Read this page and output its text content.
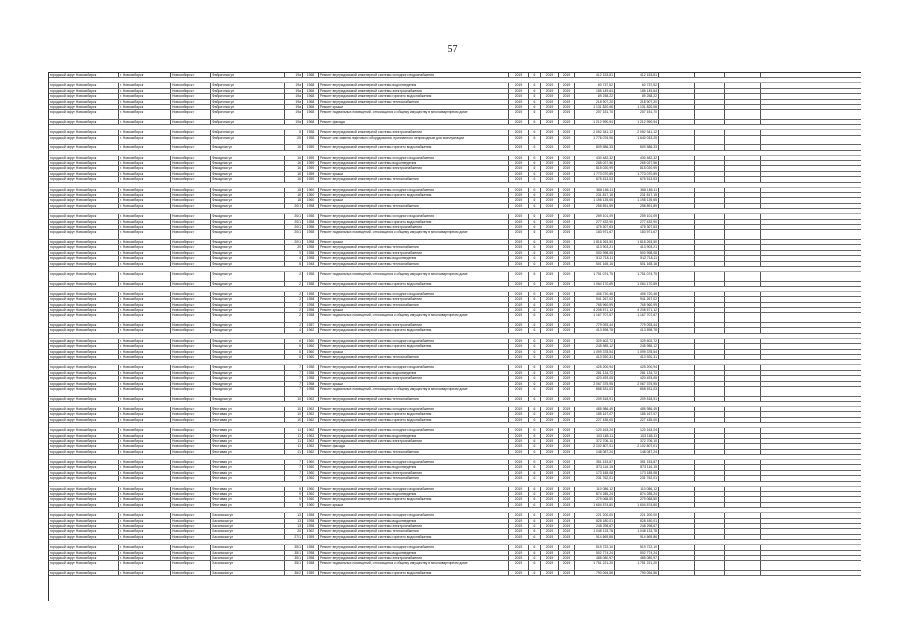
57
городской округ Новосибирск	г. Новосибирск	Новосибирск г	Фабричная ул	19а	1968	Ремонт внутридомовой инженерной системы холодного водоснабжения	2019	6	2019	2019	412 153,81	412 153,81
городской округ Новосибирск	г. Новосибирск	Новосибирск г	Фабричная ул	19а	1968	Ремонт внутридомовой инженерной системы водоотведения	2019	6	2019	2019	60 737,52	60 737,52
городской округ Новосибирск	г. Новосибирск	Новосибирск г	Фабричная ул	19а	1968	Ремонт внутридомовой инженерной системы электроснабжения	2019	6	2019	2019	185 149,64	185 149,64
городской округ Новосибирск	г. Новосибирск	Новосибирск г	Фабричная ул	19а	1968	Ремонт внутридомовой инженерной системы горячего водоснабжения	2019	6	2019	2019	89 258,22	89 258,22
городской округ Новосибирск	г. Новосибирск	Новосибирск г	Фабричная ул	19а	1968	Ремонт внутридомовой инженерной системы теплоснабжения	2019	6	2019	2019	218 907,20	218 907,20
городской округ Новосибирск	г. Новосибирск	Новосибирск г	Фабричная ул	19а	1968	Ремонт крыши	2019	6	2019	2019	1 131 820,06	1 131 820,06
городской округ Новосибирск	г. Новосибирск	Новосибирск г	Фабричная ул	19а	1968	Ремонт подвальных помещений, относящихся к общему имуществу в многоквартирном доме	2019	6	2019	2019	207 151,70	207 151,70
городской округ Новосибирск	г. Новосибирск	Новосибирск г	Фабричная ул	19а	1968	Ремонт фасада	2019	6	2019	2019	1 212 990,94	1 212 990,94
городской округ Новосибирск	г. Новосибирск	Новосибирск г	Фабричная ул	8	1958	Ремонт внутридомовой инженерной системы электроснабжения	2019	6	2019	2019	2 052 341,12	2 052 341,12
городской округ Новосибирск	г. Новосибирск	Новосибирск г	Фабричная ул	25	1958	Ремонт или замена лифтового оборудования, признанного непригодным для эксплуатации	2019	6	2019	2019	1 776 076,96	1 640 033,25
городской округ Новосибирск	г. Новосибирск	Новосибирск г	Фасадная ул	16	1959	Ремонт внутридомовой инженерной системы горячего водоснабжения	2019	6	2019	2019	809 586,33	809 586,33
городской округ Новосибирск	г. Новосибирск	Новосибирск г	Фасадная ул	16	1959	Ремонт внутридомовой инженерной системы холодного водоснабжения	2019	6	2019	2019	430 482,32	430 482,32
городской округ Новосибирск	г. Новосибирск	Новосибирск г	Фасадная ул	16	1959	Ремонт внутридомовой инженерной системы водоотведения	2019	6	2019	2019	265 027,56	265 027,56
городской округ Новосибирск	г. Новосибирск	Новосибирск г	Фасадная ул	16	1959	Ремонт внутридомовой инженерной системы электроснабжения	2019	6	2019	2019	815 020,99	815 020,99
городской округ Новосибирск	г. Новосибирск	Новосибирск г	Фасадная ул	16	1959	Ремонт крыши	2019	6	2019	2019	1 773 070,89	1 773 070,89
городской округ Новосибирск	г. Новосибирск	Новосибирск г	Фасадная ул	16	1959	Ремонт внутридомовой инженерной системы теплоснабжения	2019	6	2019	2019	675 513,53	675 513,53
городской округ Новосибирск	г. Новосибирск	Новосибирск г	Фасадная ул	18	1960	Ремонт внутридомовой инженерной системы холодного водоснабжения	2019	6	2019	2019	368 156,11	368 156,11
городской округ Новосибирск	г. Новосибирск	Новосибирск г	Фасадная ул	18	1960	Ремонт внутридомовой инженерной системы горячего водоснабжения	2019	6	2019	2019	231 817,15	231 817,15
городской округ Новосибирск	г. Новосибирск	Новосибирск г	Фасадная ул	18	1960	Ремонт крыши	2019	6	2019	2019	1 198 139,65	1 198 139,65
городской округ Новосибирск	г. Новосибирск	Новосибирск г	Фасадная ул	20/1	1958	Ремонт внутридомовой инженерной системы теплоснабжения	2019	6	2019	2019	258 891,89	258 891,89
городской округ Новосибирск	г. Новосибирск	Новосибирск г	Фасадная ул	20/1	1958	Ремонт внутридомовой инженерной системы холодного водоснабжения	2019	6	2019	2019	259 101,09	259 101,09
городской округ Новосибирск	г. Новосибирск	Новосибирск г	Фасадная ул	20/1	1958	Ремонт внутридомовой инженерной системы горячего водоснабжения	2019	6	2019	2019	277 432,90	277 432,90
городской округ Новосибирск	г. Новосибирск	Новосибирск г	Фасадная ул	20/1	1958	Ремонт внутридомовой инженерной системы электроснабжения	2019	6	2019	2019	475 307,83	475 307,83
городской округ Новосибирск	г. Новосибирск	Новосибирск г	Фасадная ул	20/1	1958	Ремонт подвальных помещений, относящихся к общему имуществу в многоквартирном доме	2019	6	2019	2019	183 971,67	183 971,67
городской округ Новосибирск	г. Новосибирск	Новосибирск г	Фасадная ул	20/1	1958	Ремонт крыши	2019	6	2019	2019	1 818 263,50	1 818 263,50
городской округ Новосибирск	г. Новосибирск	Новосибирск г	Фасадная ул	20	1958	Ремонт внутридомовой инженерной системы теплоснабжения	2019	6	2019	2019	413 903,21	413 903,21
городской округ Новосибирск	г. Новосибирск	Новосибирск г	Фасадная ул	9	1958	Ремонт внутридомовой инженерной системы электроснабжения	2019	6	2019	2019	500 998,08	500 998,08
городской округ Новосибирск	г. Новосибирск	Новосибирск г	Фасадная ул	4	1958	Ремонт внутридомовой инженерной системы водоотведения	2019	6	2019	2019	512 718,11	512 718,11
городской округ Новосибирск	г. Новосибирск	Новосибирск г	Фасадная ул	8	1948	Ремонт внутридомовой инженерной системы теплоснабжения	2019	6	2019	2019	501 165,16	501 165,16
городской округ Новосибирск	г. Новосибирск	Новосибирск г	Фасадная ул	2	1958	Ремонт подвальных помещений, относящихся к общему имуществу в многоквартирном доме	2019	6	2019	2019	1 751 074,75	1 751 074,75
городской округ Новосибирск	г. Новосибирск	Новосибирск г	Фасадная ул	2	1958	Ремонт внутридомовой инженерной системы горячего водоснабжения	2019	6	2019	2019	1 064 170,89	1 064 170,89
городской округ Новосибирск	г. Новосибирск	Новосибирск г	Фасадная ул	2	1958	Ремонт внутридомовой инженерной системы холодного водоснабжения	2019	6	2019	2019	406 720,46	406 720,46
городской округ Новосибирск	г. Новосибирск	Новосибирск г	Фасадная ул	2	1958	Ремонт внутридомовой инженерной системы электроснабжения	2019	6	2019	2019	941 267,02	941 267,02
городской округ Новосибирск	г. Новосибирск	Новосибирск г	Фасадная ул	2	1958	Ремонт внутридомовой инженерной системы теплоснабжения	2019	6	2019	2019	765 960,99	765 960,99
городской округ Новосибирск	г. Новосибирск	Новосибирск г	Фасадная ул	2	1958	Ремонт крыши	2019	6	2019	2019	4 208 571,12	4 208 571,12
городской округ Новосибирск	г. Новосибирск	Новосибирск г	Фасадная ул	2	1958	Ремонт подвальных помещений, относящихся к общему имуществу в многоквартирном доме	2019	6	2019	2019	1 167 707,67	1 167 707,67
городской округ Новосибирск	г. Новосибирск	Новосибирск г	Фасадная ул	2	1957	Ремонт внутридомовой инженерной системы электроснабжения	2019	6	2019	2019	779 093,44	779 093,44
городской округ Новосибирск	г. Новосибирск	Новосибирск г	Фасадная ул	4	1962	Ремонт внутридомовой инженерной системы горячего водоснабжения	2019	6	2019	2019	413 598,78	413 598,78
городской округ Новосибирск	г. Новосибирск	Новосибирск г	Фасадная ул	6	1960	Ремонт внутридомовой инженерной системы холодного водоснабжения	2019	6	2019	2019	329 602,72	329 602,72
городской округ Новосибирск	г. Новосибирск	Новосибирск г	Фасадная ул	6	1960	Ремонт внутридомовой инженерной системы горячего водоснабжения	2019	6	2019	2019	245 985,12	245 985,12
городской округ Новосибирск	г. Новосибирск	Новосибирск г	Фасадная ул	6	1960	Ремонт крыши	2019	6	2019	2019	1 099 378,54	1 099 378,54
городской округ Новосибирск	г. Новосибирск	Новосибирск г	Фасадная ул	6	1960	Ремонт внутридомовой инженерной системы теплоснабжения	2019	6	2019	2019	413 920,31	413 920,31
городской округ Новосибирск	г. Новосибирск	Новосибирск г	Фасадная ул	7	1958	Ремонт внутридомовой инженерной системы холодного водоснабжения	2019	6	2019	2019	425 200,94	425 200,94
городской округ Новосибирск	г. Новосибирск	Новосибирск г	Фасадная ул	7	1958	Ремонт внутридомовой инженерной системы водоотведения	2019	6	2019	2019	281 134,72	281 134,72
городской округ Новосибирск	г. Новосибирск	Новосибирск г	Фасадная ул	7	1958	Ремонт внутридомовой инженерной системы электроснабжения	2019	6	2019	2019	420 493,05	420 493,05
городской округ Новосибирск	г. Новосибирск	Новосибирск г	Фасадная ул	7	1958	Ремонт крыши	2019	6	2019	2019	2 067 375,95	2 067 375,95
городской округ Новосибирск	г. Новосибирск	Новосибирск г	Фасадная ул	7	1958	Ремонт подвальных помещений, относящихся к общему имуществу в многоквартирном доме	2019	6	2019	2019	858 531,03	858 531,03
городской округ Новосибирск	г. Новосибирск	Новосибирск г	Фасадная ул	10	1962	Ремонт внутридомовой инженерной системы теплоснабжения	2019	6	2019	2019	209 518,91	209 518,91
городской округ Новосибирск	г. Новосибирск	Новосибирск г	Фестивая ул	10	1962	Ремонт внутридомовой инженерной системы холодного водоснабжения	2019	6	2019	2019	485 986,49	485 986,49
городской округ Новосибирск	г. Новосибирск	Новосибирск г	Фестивая ул	10	1962	Ремонт внутридомовой инженерной системы горячего водоснабжения	2019	6	2019	2019	185 167,07	185 167,07
городской округ Новосибирск	г. Новосибирск	Новосибирск г	Фестивая ул	10	1962	Ремонт внутридомовой инженерной системы горячего водоснабжения	2019	6	2019	2019	227 435,00	227 435,00
городской округ Новосибирск	г. Новосибирск	Новосибирск г	Фестивая ул	11	1962	Ремонт внутридомовой инженерной системы холодного водоснабжения	2019	6	2019	2019	120 163,24	120 163,24
городской округ Новосибирск	г. Новосибирск	Новосибирск г	Фестивая ул	11	1962	Ремонт внутридомовой инженерной системы водоотведения	2019	6	2019	2019	103 165,11	103 165,11
городской округ Новосибирск	г. Новосибирск	Новосибирск г	Фестивая ул	11	1962	Ремонт внутридомовой инженерной системы электроснабжения	2019	6	2019	2019	372 706,10	372 706,10
городской округ Новосибирск	г. Новосибирск	Новосибирск г	Фестивая ул	11	1962	Ремонт фасада	2019	6	2019	2019	2 102 807,01	2 102 807,01
городской округ Новосибирск	г. Новосибирск	Новосибирск г	Фестивая ул	11	1962	Ремонт внутридомовой инженерной системы теплоснабжения	2019	6	2019	2019	148 087,24	148 087,24
городской округ Новосибирск	г. Новосибирск	Новосибирск г	Фестивая ул	7	1960	Ремонт внутридомовой инженерной системы холодного водоснабжения	2019	6	2019	2019	351 153,87	351 153,87
городской округ Новосибирск	г. Новосибирск	Новосибирск г	Фестивая ул	7	1960	Ремонт внутридомовой инженерной системы водоотведения	2019	6	2019	2019	873 116,15	873 116,15
городской округ Новосибирск	г. Новосибирск	Новосибирск г	Фестивая ул	7	1960	Ремонт внутридомовой инженерной системы электроснабжения	2019	6	2019	2019	173 185,08	173 185,08
городской округ Новосибирск	г. Новосибирск	Новосибирск г	Фестивая ул	7	1960	Ремонт внутридомовой инженерной системы теплоснабжения	2019	6	2019	2019	231 762,01	231 762,01
городской округ Новосибирск	г. Новосибирск	Новосибирск г	Фестивая ул	9	1960	Ремонт внутридомовой инженерной системы холодного водоснабжения	2019	6	2019	2019	110 086,12	110 086,12
городской округ Новосибирск	г. Новосибирск	Новосибирск г	Фестивая ул	9	1960	Ремонт внутридомовой инженерной системы водоотведения	2019	6	2019	2019	874 285,24	874 285,24
городской округ Новосибирск	г. Новосибирск	Новосибирск г	Фестивая ул	9	1960	Ремонт внутридомовой инженерной системы горячего водоснабжения	2019	6	2019	2019	279 068,50	279 068,50
городской округ Новосибирск	г. Новосибирск	Новосибирск г	Фестивая ул	9	1960	Ремонт крыши	2019	6	2019	2019	1 604 574,60	1 604 574,60
городской округ Новосибирск	г. Новосибирск	Новосибирск г	Хасанская ул	13	1958	Ремонт внутридомовой инженерной системы холодного водоснабжения	2019	6	2019	2019	221 200,00	221 200,00
городской округ Новосибирск	г. Новосибирск	Новосибирск г	Хасанская ул	13	1958	Ремонт внутридомовой инженерной системы водоотведения	2019	6	2019	2019	828 180,01	828 180,01
городской округ Новосибирск	г. Новосибирск	Новосибирск г	Хасанская ул	13	1958	Ремонт внутридомовой инженерной системы электроснабжения	2019	6	2019	2019	248 298,67	248 298,67
городской округ Новосибирск	г. Новосибирск	Новосибирск г	Хасанская ул	20	1962	Ремонт внутридомовой инженерной системы теплоснабжения	2019	6	2019	2019	1 048 133,78	1 048 133,78
городской округ Новосибирск	г. Новосибирск	Новосибирск г	Хасанская ул	27/1	1959	Ремонт внутридомовой инженерной системы горячего водоснабжения	2019	6	2019	2019	914 669,86	914 669,86
городской округ Новосибирск	г. Новосибирск	Новосибирск г	Хасанская ул	35/1	1958	Ремонт внутридомовой инженерной системы холодного водоснабжения	2019	6	2019	2019	519 722,10	519 722,10
городской округ Новосибирск	г. Новосибирск	Новосибирск г	Хасанская ул	35/1	1958	Ремонт внутридомовой инженерной системы водоотведения	2019	6	2019	2019	502 774,24	502 774,24
городской округ Новосибирск	г. Новосибирск	Новосибирск г	Хасанская ул	35/1	1958	Ремонт внутридомовой инженерной системы электроснабжения	2019	6	2019	2019	485 080,97	485 080,97
городской округ Новосибирск	г. Новосибирск	Новосибирск г	Хасанская ул	35/1	1958	Ремонт подвальных помещений, относящихся к общему имуществу в многоквартирном доме	2019	6	2019	2019	1 751 221,20	1 751 221,20
городской округ Новосибирск	г. Новосибирск	Новосибирск г	Хасанская ул	36/2	1959	Ремонт внутридомовой инженерной системы горячего водоснабжения	2019	6	2019	2019	790 094,56	790 094,56
